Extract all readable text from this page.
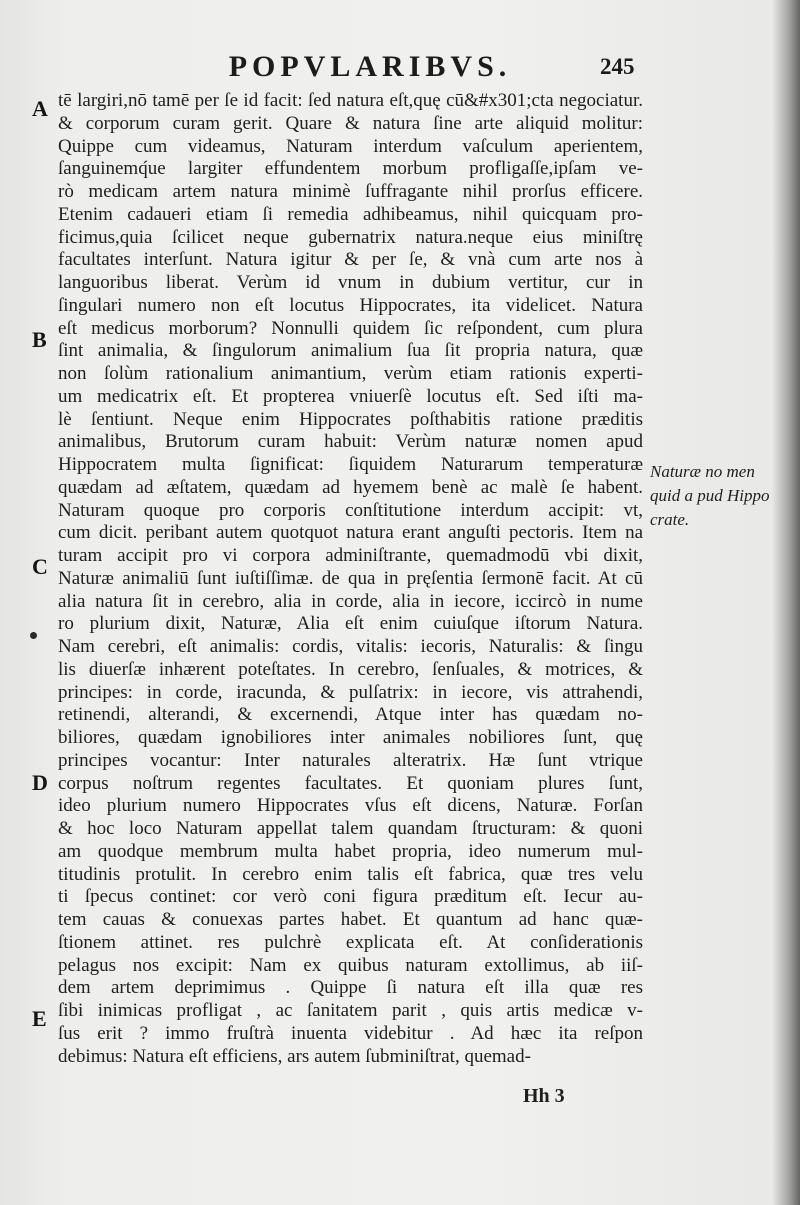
POPVLARIBVS.	245
tē largiri,nō tamē per ſe id facit: ſed natura eſt,quę cū&#x301;cta negociatur.
& corporum curam gerit. Quare & natura ſine arte aliquid molitur:
Quippe cum videamus, Naturam interdum vaſculum aperientem,
ſanguinemq́ue largiter effundentem morbum profligaſſe,ipſam ve-
rò medicam artem natura minimè ſuffragante nihil prorſus efficere.
Etenim cadaueri etiam ſi remedia adhibeamus, nihil quicquam pro-
ficimus,quia ſcilicet neque gubernatrix natura.neque eius miniſtrę
facultates interſunt. Natura igitur & per ſe, & vnà cum arte nos à
languoribus liberat. Verùm id vnum in dubium vertitur, cur in
ſingulari numero non eſt locutus Hippocrates, ita videlicet. Natura
eſt medicus morborum? Nonnulli quidem ſic reſpondent, cum plura
ſint animalia, & ſingulorum animalium ſua ſit propria natura, quæ
non ſolùm rationalium animantium, verùm etiam rationis experti-
um medicatrix eſt. Et propterea vniuerſè locutus eſt. Sed iſti ma-
lè ſentiunt. Neque enim Hippocrates poſthabitis ratione præditis
animalibus, Brutorum curam habuit: Verùm naturæ nomen apud
Hippocratem multa ſignificat: ſiquidem Naturarum temperaturæ
quædam ad æſtatem, quædam ad hyemem benè ac malè ſe habent.
Naturam quoque pro corporis conſtitutione interdum accipit: vt,
cum dicit. peribant autem quotquot natura erant anguſti pectoris. Item na
turam accipit pro vi corpora adminiſtrante, quemadmodū vbi dixit,
Naturæ animaliū ſunt iuſtiſſimæ. de qua in pręſentia ſermonē facit. At cū
alia natura ſit in cerebro, alia in corde, alia in iecore, iccircò in nume
ro plurium dixit, Naturæ, Alia eſt enim cuiuſque iſtorum Natura.
Nam cerebri, eſt animalis: cordis, vitalis: iecoris, Naturalis: & ſingu
lis diuerſæ inhærent poteſtates. In cerebro, ſenſuales, & motrices, &
principes: in corde, iracunda, & pulſatrix: in iecore, vis attrahendi,
retinendi, alterandi, & excernendi, Atque inter has quædam no-
biliores, quædam ignobiliores inter animales nobiliores ſunt, quę
principes vocantur: Inter naturales alteratrix. Hæ ſunt vtrique
corpus noſtrum regentes facultates. Et quoniam plures ſunt,
ideo plurium numero Hippocrates vſus eſt dicens, Naturæ. Forſan
& hoc loco Naturam appellat talem quandam ſtructuram: & quoni
am quodque membrum multa habet propria, ideo numerum mul-
titudinis protulit. In cerebro enim talis eſt fabrica, quæ tres velu
ti ſpecus continet: cor verò coni figura præditum eſt. Iecur au-
tem cauas & conuexas partes habet. Et quantum ad hanc quæ-
ſtionem attinet. res pulchrè explicata eſt. At conſiderationis
pelagus nos excipit: Nam ex quibus naturam extollimus, ab iiſ-
dem artem deprimimus . Quippe ſi natura eſt illa quæ res
ſibi inimicas profligat , ac ſanitatem parit , quis artis medicæ v-
ſus erit ? immo fruſtrà inuenta videbitur . Ad hæc ita reſpon
debimus: Natura eſt efficiens, ars autem ſubminiſtrat, quemad-
A
B
C
D
E
Naturæ no men quid a pud Hippo crate.
Hh 3
